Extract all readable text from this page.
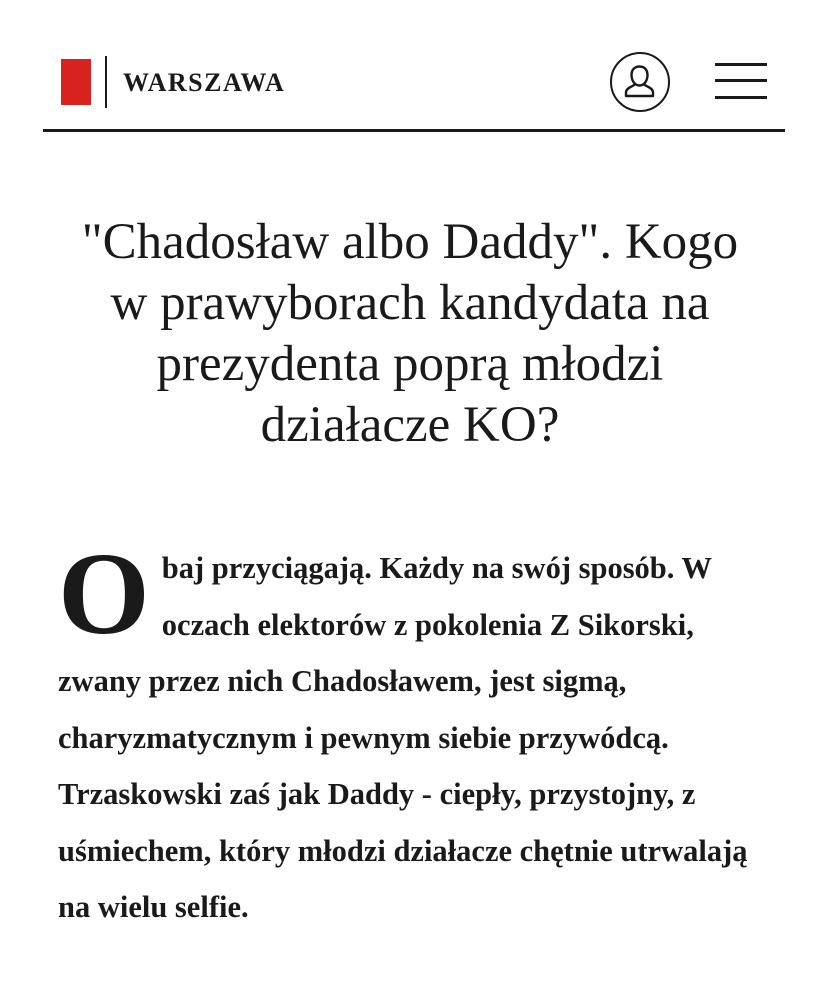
WARSZAWA
"Chadosław albo Daddy". Kogo w prawyborach kandydata na prezydenta poprą młodzi działacze KO?

Obaj przyciągają. Każdy na swój sposób. W oczach elektorów z pokolenia Z Sikorski, zwany przez nich Chadosławem, jest sigmą, charyzmatycznym i pewnym siebie przywódcą. Trzaskowski zaś jak Daddy - ciepły, przystojny, z uśmiechem, który młodzi działacze chętnie utrwalają na wielu selfie.
